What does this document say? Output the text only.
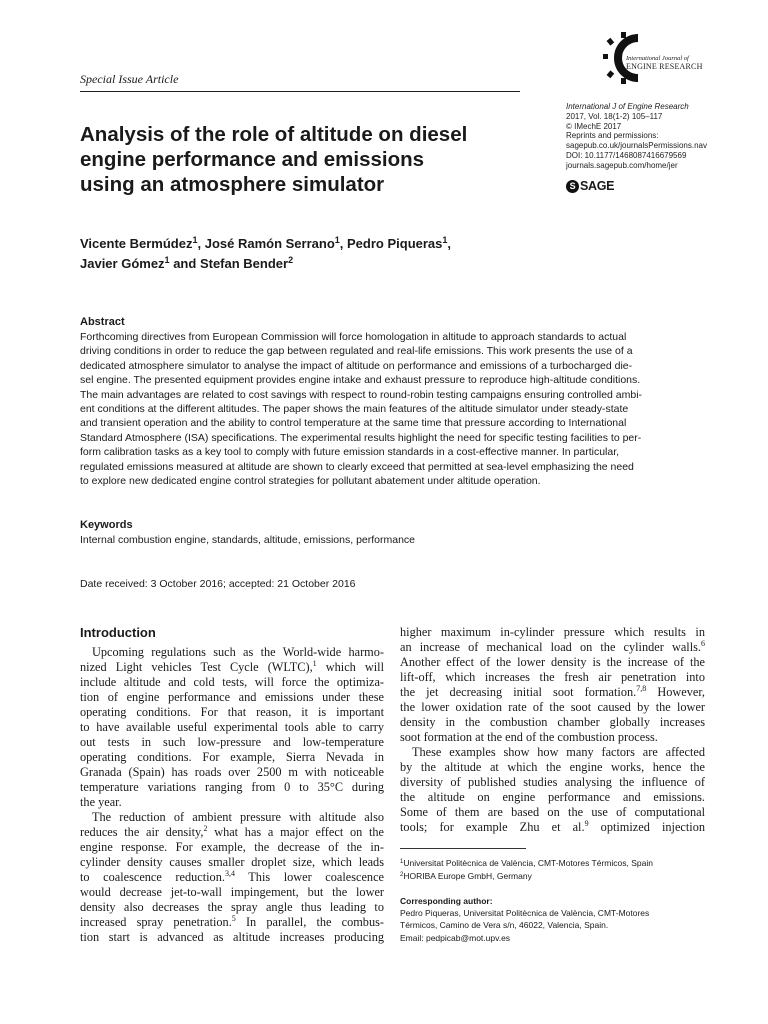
Special Issue Article
International Journal of
ENGINE RESEARCH
Analysis of the role of altitude on diesel
engine performance and emissions
using an atmosphere simulator
International J of Engine Research
2017, Vol. 18(1-2) 105–117
© IMechE 2017
Reprints and permissions:
sagepub.co.uk/journalsPermissions.nav
DOI: 10.1177/1468087416679569
journals.sagepub.com/home/jer
S SAGE
Vicente Bermúdez$^1$, José Ramón Serrano$^1$, Pedro Piqueras$^1$,
Javier Gómez$^1$ and Stefan Bender$^2$
Abstract
Forthcoming directives from European Commission will force homologation in altitude to approach standards to actual
driving conditions in order to reduce the gap between regulated and real-life emissions. This work presents the use of a
dedicated atmosphere simulator to analyse the impact of altitude on performance and emissions of a turbocharged die-
sel engine. The presented equipment provides engine intake and exhaust pressure to reproduce high-altitude conditions.
The main advantages are related to cost savings with respect to round-robin testing campaigns ensuring controlled ambi-
ent conditions at the different altitudes. The paper shows the main features of the altitude simulator under steady-state
and transient operation and the ability to control temperature at the same time that pressure according to International
Standard Atmosphere (ISA) specifications. The experimental results highlight the need for specific testing facilities to per-
form calibration tasks as a key tool to comply with future emission standards in a cost-effective manner. In particular,
regulated emissions measured at altitude are shown to clearly exceed that permitted at sea-level emphasizing the need
to explore new dedicated engine control strategies for pollutant abatement under altitude operation.
Keywords
Internal combustion engine, standards, altitude, emissions, performance
Date received: 3 October 2016; accepted: 21 October 2016
Introduction
Upcoming regulations such as the World-wide harmo-
nized Light vehicles Test Cycle (WLTC),$^1$ which will
include altitude and cold tests, will force the optimiza-
tion of engine performance and emissions under these
operating conditions. For that reason, it is important
to have available useful experimental tools able to carry
out tests in such low-pressure and low-temperature
operating conditions. For example, Sierra Nevada in
Granada (Spain) has roads over 2500 m with noticeable
temperature variations ranging from 0 to 35°C during
the year.
The reduction of ambient pressure with altitude also
reduces the air density,$^2$ what has a major effect on the
engine response. For example, the decrease of the in-
cylinder density causes smaller droplet size, which leads
to coalescence reduction.$^{3,4}$ This lower coalescence
would decrease jet-to-wall impingement, but the lower
density also decreases the spray angle thus leading to
increased spray penetration.$^5$ In parallel, the combus-
tion start is advanced as altitude increases producing
higher maximum in-cylinder pressure which results in
an increase of mechanical load on the cylinder walls.$^6$
Another effect of the lower density is the increase of the
lift-off, which increases the fresh air penetration into
the jet decreasing initial soot formation.$^{7,8}$ However,
the lower oxidation rate of the soot caused by the lower
density in the combustion chamber globally increases
soot formation at the end of the combustion process.
These examples show how many factors are affected
by the altitude at which the engine works, hence the
diversity of published studies analysing the influence of
the altitude on engine performance and emissions.
Some of them are based on the use of computational
tools; for example Zhu et al.$^9$ optimized injection
$^1$Universitat Politècnica de València, CMT-Motores Térmicos, Spain
$^2$HORIBA Europe GmbH, Germany
Corresponding author:
Pedro Piqueras, Universitat Politècnica de València, CMT-Motores
Térmicos, Camino de Vera s/n, 46022, Valencia, Spain.
Email: pedpicab@mot.upv.es
